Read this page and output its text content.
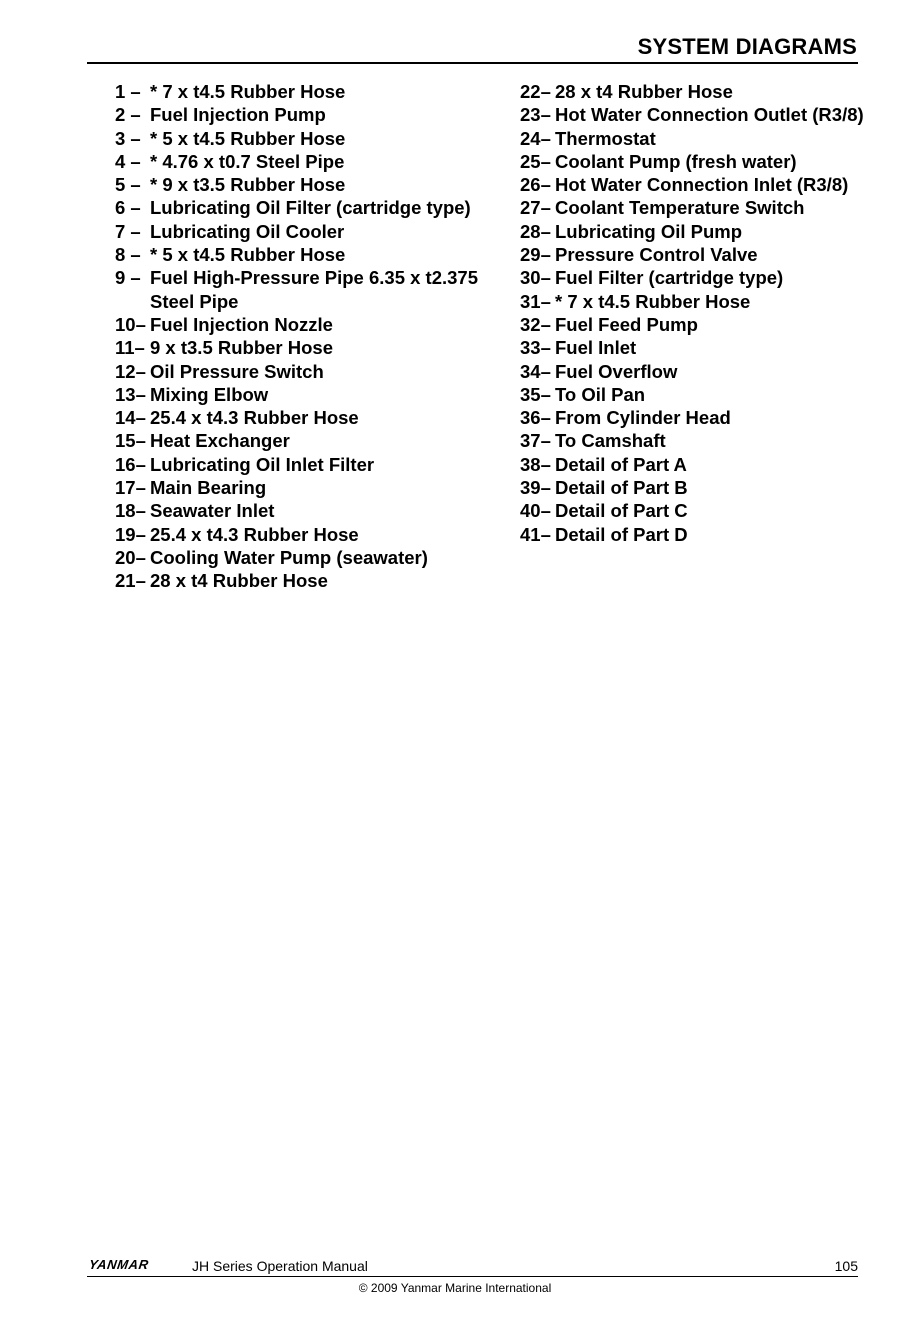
SYSTEM DIAGRAMS
1 – * 7 x t4.5 Rubber Hose
2 – Fuel Injection Pump
3 – * 5 x t4.5 Rubber Hose
4 – * 4.76 x t0.7 Steel Pipe
5 – * 9 x t3.5 Rubber Hose
6 – Lubricating Oil Filter (cartridge type)
7 – Lubricating Oil Cooler
8 – * 5 x t4.5 Rubber Hose
9 – Fuel High-Pressure Pipe 6.35 x t2.375 Steel Pipe
10– Fuel Injection Nozzle
11– 9 x t3.5 Rubber Hose
12– Oil Pressure Switch
13– Mixing Elbow
14– 25.4 x t4.3 Rubber Hose
15– Heat Exchanger
16– Lubricating Oil Inlet Filter
17– Main Bearing
18– Seawater Inlet
19– 25.4 x t4.3 Rubber Hose
20– Cooling Water Pump (seawater)
21– 28 x t4 Rubber Hose
22– 28 x t4 Rubber Hose
23– Hot Water Connection Outlet (R3/8)
24– Thermostat
25– Coolant Pump (fresh water)
26– Hot Water Connection Inlet (R3/8)
27– Coolant Temperature Switch
28– Lubricating Oil Pump
29– Pressure Control Valve
30– Fuel Filter (cartridge type)
31– * 7 x t4.5 Rubber Hose
32– Fuel Feed Pump
33– Fuel Inlet
34– Fuel Overflow
35– To Oil Pan
36– From Cylinder Head
37– To Camshaft
38– Detail of Part A
39– Detail of Part B
40– Detail of Part C
41– Detail of Part D
YANMAR	JH Series Operation Manual	105
© 2009 Yanmar Marine International
